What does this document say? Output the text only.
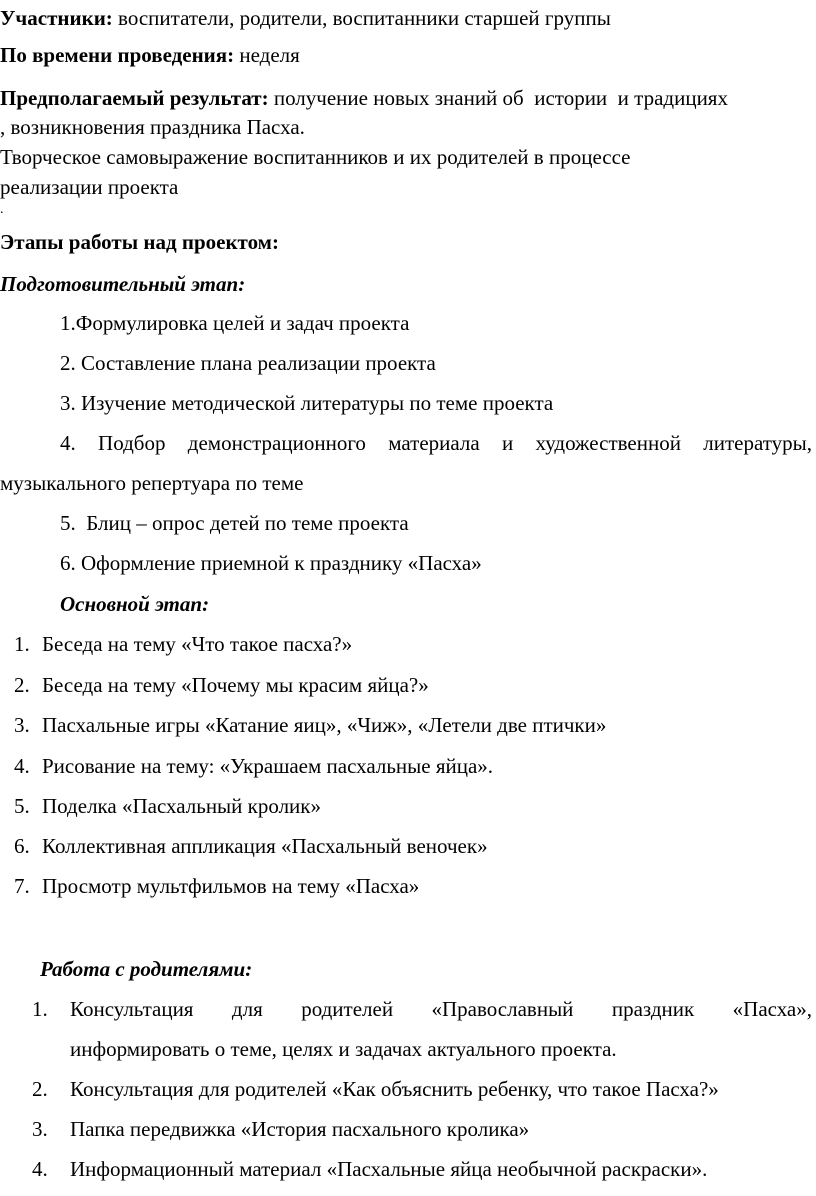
Участники: воспитатели, родители, воспитанники старшей группы
По времени проведения: неделя
Предполагаемый результат: получение новых знаний об  истории  и традициях
, возникновения праздника Пасха.
Творческое самовыражение воспитанников и их родителей в процессе
реализации проекта
.
Этапы работы над проектом:
Подготовительный этап:
1.Формулировка целей и задач проекта
2. Составление плана реализации проекта
3. Изучение методической литературы по теме проекта
4. Подбор демонстрационного материала и художественной литературы,
музыкального репертуара по теме
5.  Блиц – опрос детей по теме проекта
6. Оформление приемной к празднику «Пасха»
Основной этап:
1. Беседа на тему «Что такое пасха?»
2. Беседа на тему «Почему мы красим яйца?»
3. Пасхальные игры «Катание яиц», «Чиж», «Летели две птички»
4. Рисование на тему: «Украшаем пасхальные яйца».
5. Поделка «Пасхальный кролик»
6. Коллективная аппликация «Пасхальный веночек»
7. Просмотр мультфильмов на тему «Пасха»
Работа с родителями:
1. Консультация для родителей «Православный праздник «Пасха»,
информировать о теме, целях и задачах актуального проекта.
2. Консультация для родителей «Как объяснить ребенку, что такое Пасха?»
3. Папка передвижка «История пасхального кролика»
4. Информационный материал «Пасхальные яйца необычной раскраски».
